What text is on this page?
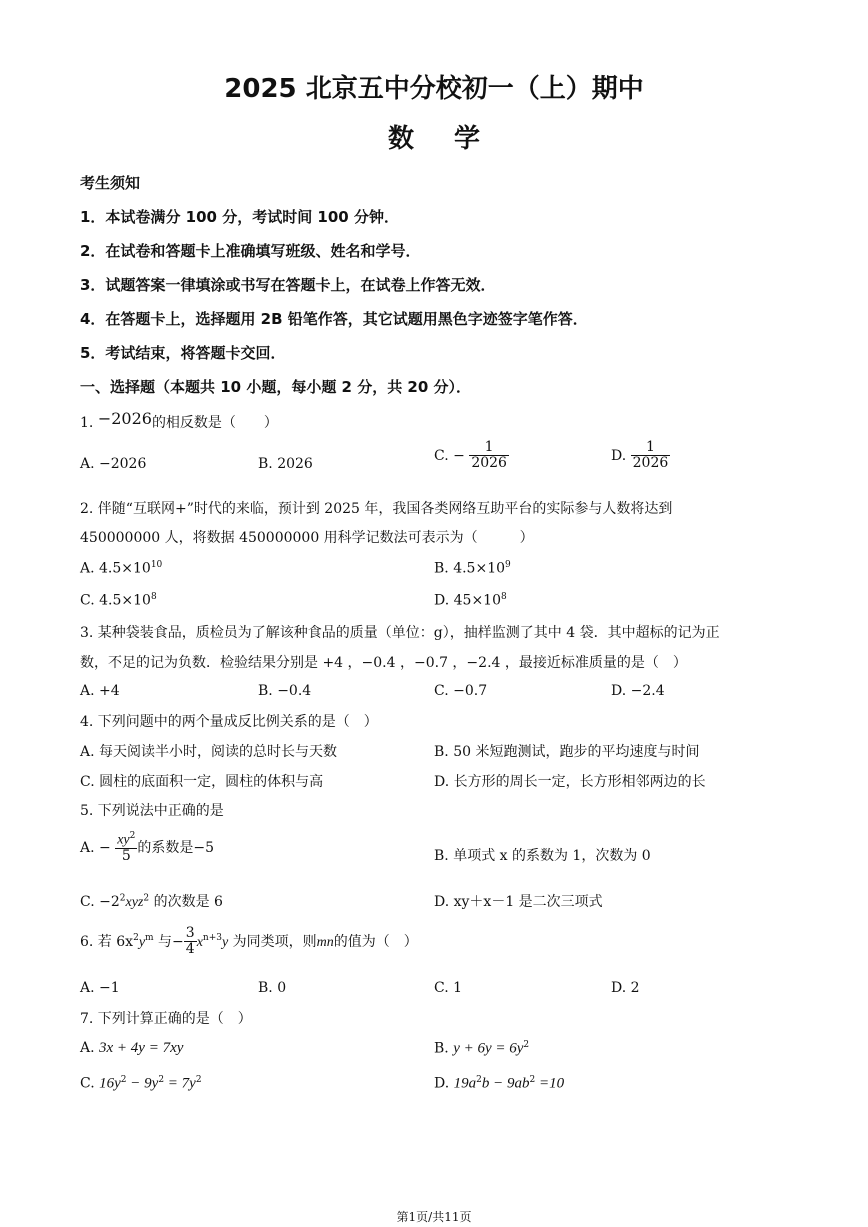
2025 北京五中分校初一（上）期中
数学
考生须知
1．本试卷满分 100 分，考试时间 100 分钟．
2．在试卷和答题卡上准确填写班级、姓名和学号．
3．试题答案一律填涂或书写在答题卡上，在试卷上作答无效．
4．在答题卡上，选择题用 2B 铅笔作答，其它试题用黑色字迹签字笔作答．
5．考试结束，将答题卡交回．
一、选择题（本题共 10 小题，每小题 2 分，共 20 分）．
1. −2026的相反数是（　　）
A. −2026	B. 2026
C. − $\frac{1}{2026}$	D. $\frac{1}{2026}$
2. 伴随“互联网+”时代的来临，预计到 2025 年，我国各类网络互助平台的实际参与人数将达到
450000000 人，将数据 450000000 用科学记数法可表示为（　　　）
A. $4.5\times 10^{10}$	B. $4.5\times 10^9$
C. $4.5\times 10^8$	D. $45\times 10^8$
3. 某种袋装食品，质检员为了解该种食品的质量（单位：g），抽样监测了其中 4 袋．其中超标的记为正
数，不足的记为负数．检验结果分别是 +4 ，−0.4 ，−0.7 ，−2.4 ，最接近标准质量的是（　）
A. +4	B. −0.4	C. −0.7	D. −2.4
4. 下列问题中的两个量成反比例关系的是（　）
A. 每天阅读半小时，阅读的总时长与天数	B. 50 米短跑测试，跑步的平均速度与时间
C. 圆柱的底面积一定，圆柱的体积与高	D. 长方形的周长一定，长方形相邻两边的长
5. 下列说法中正确的是
A. − $\frac{xy^2}{5}$ 的系数是−5	B. 单项式 x 的系数为 1，次数为 0
C. $-2^2xyz^2$ 的次数是 6	D. xy＋x－1 是二次三项式
6. 若 $6x^2y^m$ 与− $\frac{3}{4} x^{n+3}y$ 为同类项，则mn的值为（　）
A. −1	B. 0	C. 1	D. 2
7. 下列计算正确的是（　）
A. 3x + 4y = 7xy	B. $y + 6y = 6y^2$
C. $16y^2 - 9y^2 = 7y^2$	D. $19a^2b - 9ab^2 =10$
第1页/共11页
